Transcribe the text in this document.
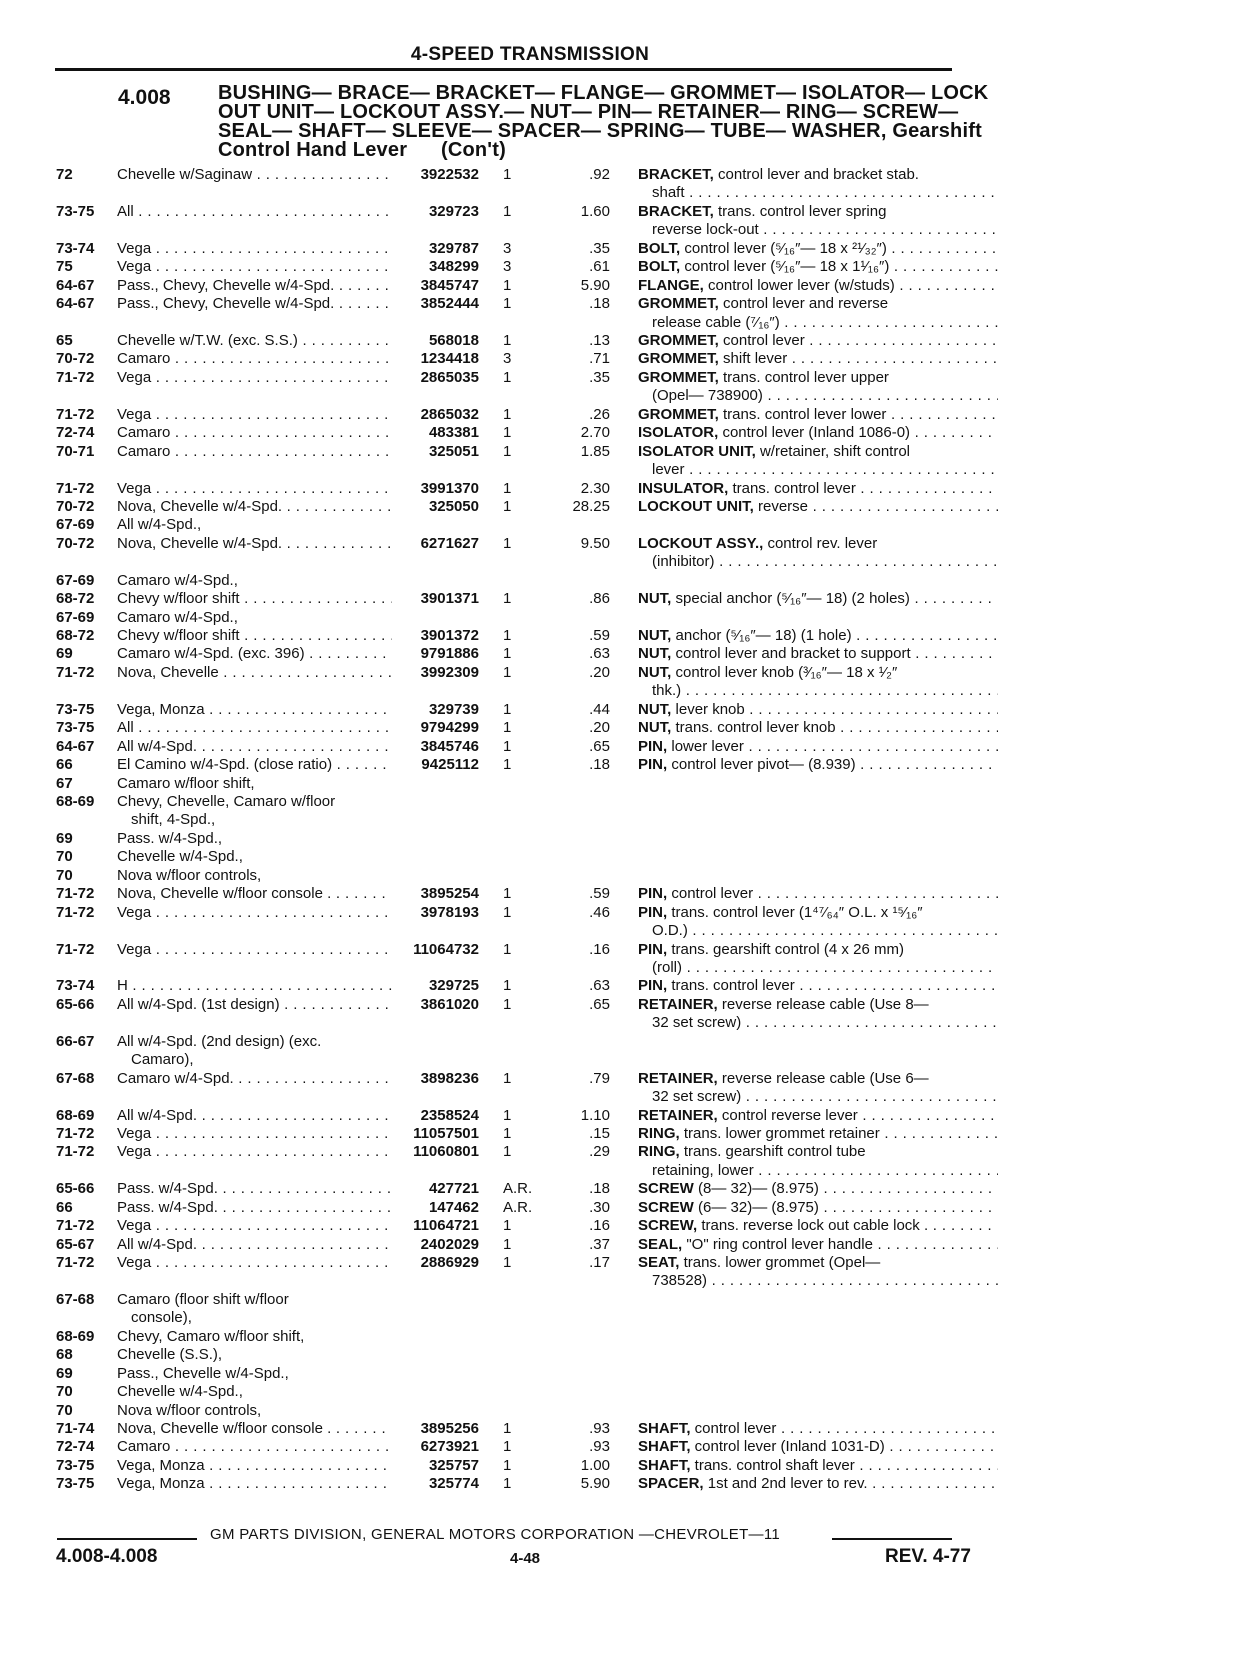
4-SPEED TRANSMISSION
4.008 BUSHING— BRACE— BRACKET— FLANGE— GROMMET— ISOLATOR— LOCK OUT UNIT— LOCKOUT ASSY.— NUT— PIN— RETAINER— RING— SCREW— SEAL— SHAFT— SLEEVE— SPACER— SPRING— TUBE— WASHER, Gearshift Control Hand Lever (Con't)
72	Chevelle w/Saginaw . . .	3922532 1	.92 BRACKET, control lever and bracket stab.
shaft . . .
73-75 All . . .	329723 1	1.60 BRACKET, trans. control lever spring
reverse lock-out . . .
73-74 Vega . . .	329787 3	.35 BOLT, control lever (⁵⁄₁₆″— 18 x ²¹⁄₃₂″) . . .
75	Vega . . .	348299 3	.61 BOLT, control lever (⁵⁄₁₆″— 18 x 1¹⁄₁₆″) . . .
64-67 Pass., Chevy, Chevelle w/4-Spd. . . .	3845747 1	5.90 FLANGE, control lower lever (w/studs) . . .
64-67 Pass., Chevy, Chevelle w/4-Spd. . . .	3852444 1	.18 GROMMET, control lever and reverse
release cable (⁷⁄₁₆″) . . .
65	Chevelle w/T.W. (exc. S.S.) . . .	568018 1	.13 GROMMET, control lever . . .
70-72 Camaro . . .	1234418 3	.71 GROMMET, shift lever . . .
71-72 Vega . . .	2865035 1	.35 GROMMET, trans. control lever upper
(Opel— 738900) . . .
71-72 Vega . . .	2865032 1	.26 GROMMET, trans. control lever lower . . .
72-74 Camaro . . .	483381 1	2.70 ISOLATOR, control lever (Inland 1086-0) . . .
70-71 Camaro . . .	325051 1	1.85 ISOLATOR UNIT, w/retainer, shift control
lever . . .
71-72 Vega . . .	3991370 1	2.30 INSULATOR, trans. control lever . . .
70-72 Nova, Chevelle w/4-Spd. . . .	325050 1	28.25 LOCKOUT UNIT, reverse . . .
67-69 All w/4-Spd.,
70-72 Nova, Chevelle w/4-Spd. . . .	6271627 1	9.50 LOCKOUT ASSY., control rev. lever
(inhibitor) . . .
67-69 Camaro w/4-Spd.,
68-72 Chevy w/floor shift . . .	3901371 1	.86 NUT, special anchor (⁵⁄₁₆″— 18) (2 holes) . . .
67-69 Camaro w/4-Spd.,
68-72 Chevy w/floor shift . . .	3901372 1	.59 NUT, anchor (⁵⁄₁₆″— 18) (1 hole) . . .
69	Camaro w/4-Spd. (exc. 396) . . .	9791886 1	.63 NUT, control lever and bracket to support . . .
71-72 Nova, Chevelle . . .	3992309 1	.20 NUT, control lever knob (³⁄₁₆″— 18 x ¹⁄₂″
thk.) . . .
73-75 Vega, Monza . . .	329739 1	.44 NUT, lever knob . . .
73-75 All . . .	9794299 1	.20 NUT, trans. control lever knob . . .
64-67 All w/4-Spd. . . .	3845746 1	.65 PIN, lower lever . . .
66	El Camino w/4-Spd. (close ratio) . . .	9425112 1	.18 PIN, control lever pivot— (8.939) . . .
67	Camaro w/floor shift,
68-69 Chevy, Chevelle, Camaro w/floor
shift, 4-Spd.,
69	Pass. w/4-Spd.,
70	Chevelle w/4-Spd.,
70	Nova w/floor controls,
71-72 Nova, Chevelle w/floor console . . . .	3895254 1	.59 PIN, control lever . . .
71-72 Vega . . .	3978193 1	.46 PIN, trans. control lever (1⁴⁷⁄₆₄″ O.L. x ¹⁵⁄₁₆″
O.D.) . . .
71-72 Vega . . .	11064732 1	.16 PIN, trans. gearshift control (4 x 26 mm)
(roll) . . .
73-74 H . . .	329725 1	.63 PIN, trans. control lever . . .
65-66 All w/4-Spd. (1st design) . . .	3861020 1	.65 RETAINER, reverse release cable (Use 8—
32 set screw) . . .
66-67 All w/4-Spd. (2nd design) (exc.
Camaro),
67-68 Camaro w/4-Spd. . . .	3898236 1	.79 RETAINER, reverse release cable (Use 6—
32 set screw) . . .
68-69 All w/4-Spd. . . .	2358524 1	1.10 RETAINER, control reverse lever . . .
71-72 Vega . . .	11057501 1	.15 RING, trans. lower grommet retainer . . .
71-72 Vega . . .	11060801 1	.29 RING, trans. gearshift control tube
retaining, lower . . .
65-66 Pass. w/4-Spd. . . .	427721 A.R.	.18 SCREW (8— 32)— (8.975) . . .
66	Pass. w/4-Spd. . . .	147462 A.R.	.30 SCREW (6— 32)— (8.975) . . .
71-72 Vega . . .	11064721 1	.16 SCREW, trans. reverse lock out cable lock . . . .
65-67 All w/4-Spd. . . .	2402029 1	.37 SEAL, "O" ring control lever handle . . .
71-72 Vega . . .	2886929 1	.17 SEAT, trans. lower grommet (Opel—
738528) . . .
67-68 Camaro (floor shift w/floor
console),
68-69 Chevy, Camaro w/floor shift,
68	Chevelle (S.S.),
69	Pass., Chevelle w/4-Spd.,
70	Chevelle w/4-Spd.,
70	Nova w/floor controls,
71-74 Nova, Chevelle w/floor console . . . .	3895256 1	.93 SHAFT, control lever . . .
72-74 Camaro . . .	6273921 1	.93 SHAFT, control lever (Inland 1031-D) . . .
73-75 Vega, Monza . . .	325757 1	1.00 SHAFT, trans. control shaft lever . . .
73-75 Vega, Monza . . .	325774 1	5.90 SPACER, 1st and 2nd lever to rev. . . .
GM PARTS DIVISION, GENERAL MOTORS CORPORATION —CHEVROLET—11
4.008-4.008	4-48	REV. 4-77
